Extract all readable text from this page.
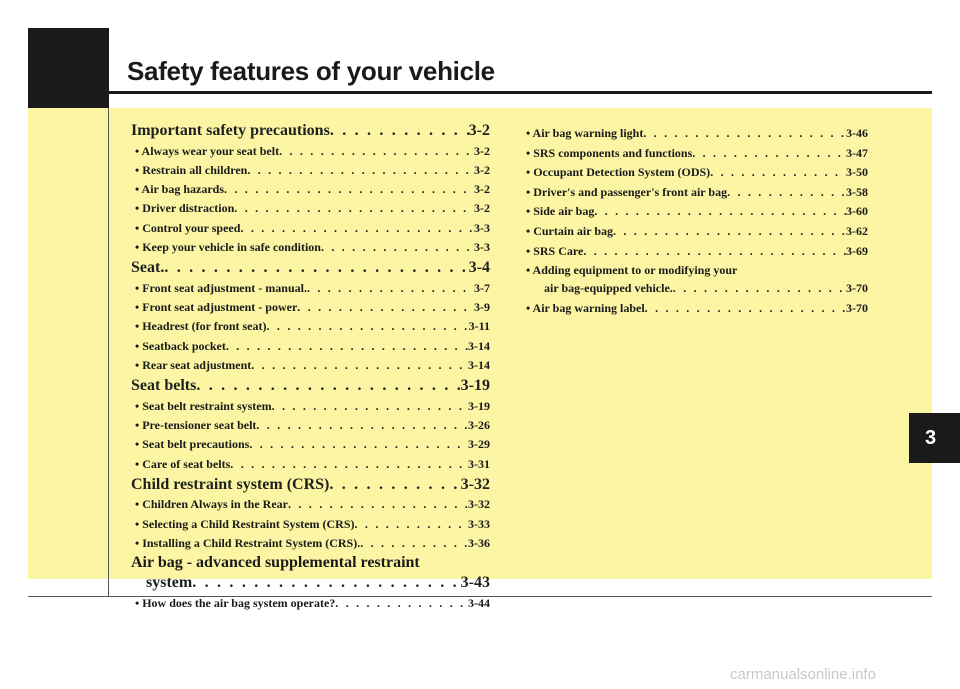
Safety features of your vehicle
3
Important safety precautions . . .	3-2
• Always wear your seat belt . . .	3-2
• Restrain all children . . .	3-2
• Air bag hazards . . .	3-2
• Driver distraction . . .	3-2
• Control your speed . . .	3-3
• Keep your vehicle in safe condition . . .	3-3
Seat. . . .	3-4
• Front seat adjustment - manual. . . .	3-7
• Front seat adjustment - power . . .	3-9
• Headrest (for front seat) . . .	3-11
• Seatback pocket . . .	3-14
• Rear seat adjustment . . .	3-14
Seat belts . . .	3-19
• Seat belt restraint system . . .	3-19
• Pre-tensioner seat belt . . .	3-26
• Seat belt precautions . . .	3-29
• Care of seat belts . . .	3-31
Child restraint system (CRS) . . .	3-32
• Children Always in the Rear . . .	3-32
• Selecting a Child Restraint System (CRS) . . .	3-33
• Installing a Child Restraint System (CRS). . . .	3-36
Air bag - advanced supplemental restraint
system . . .	3-43
• How does the air bag system operate? . . .	3-44
• Air bag warning light . . .	3-46
• SRS components and functions . . .	3-47
• Occupant Detection System (ODS) . . .	3-50
• Driver's and passenger's front air bag . . .	3-58
• Side air bag . . .	3-60
• Curtain air bag . . .	3-62
• SRS Care . . .	3-69
• Adding equipment to or modifying your
air bag-equipped vehicle. . . .	3-70
• Air bag warning label . . .	3-70
carmanualsonline.info
